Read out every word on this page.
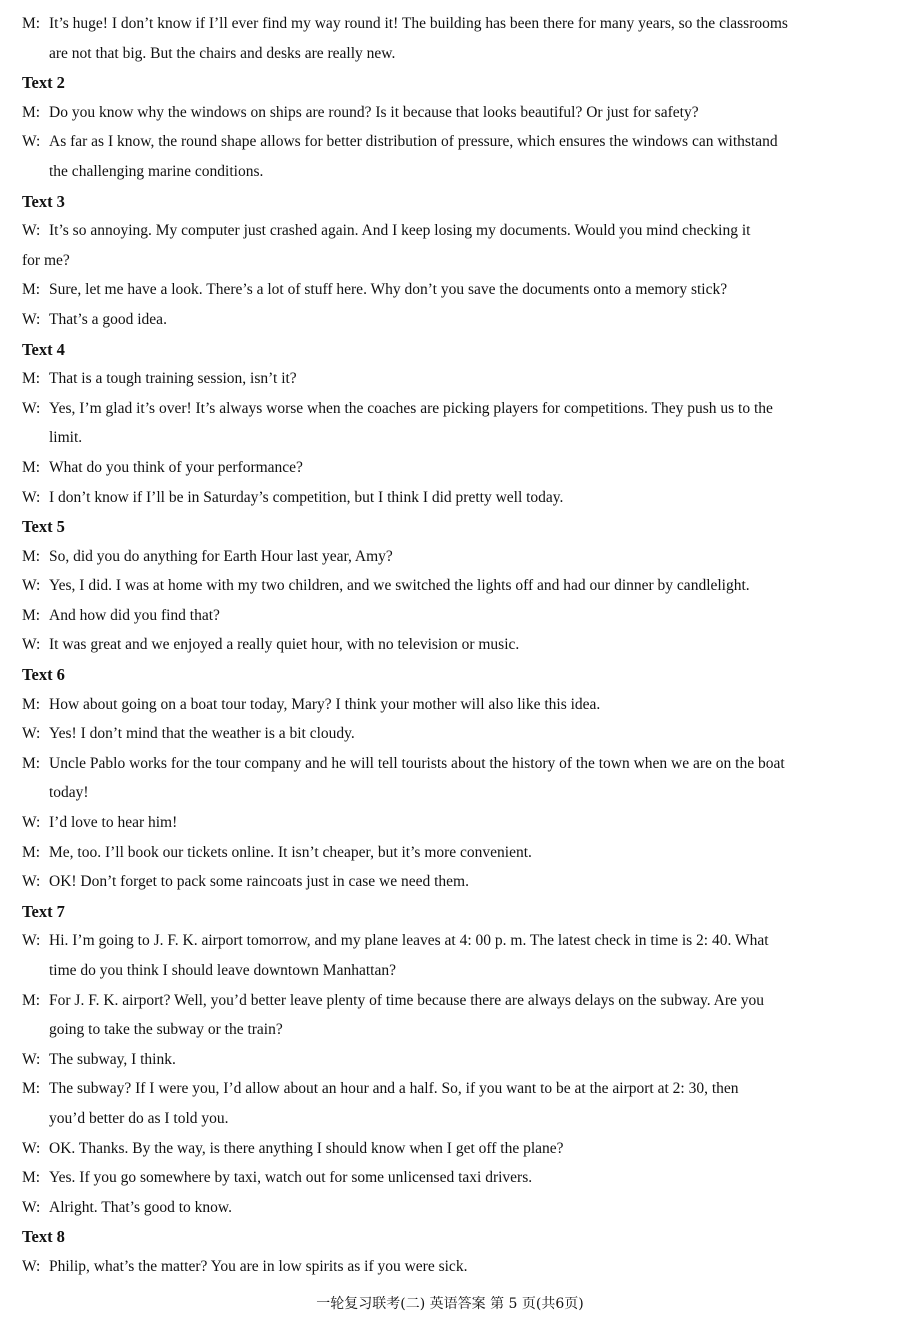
M: It’s huge! I don’t know if I’ll ever find my way round it! The building has been there for many years, so the classrooms
are not that big. But the chairs and desks are really new.
Text 2
M: Do you know why the windows on ships are round? Is it because that looks beautiful? Or just for safety?
W: As far as I know, the round shape allows for better distribution of pressure, which ensures the windows can withstand
the challenging marine conditions.
Text 3
W: It’s so annoying. My computer just crashed again. And I keep losing my documents. Would you mind checking it
for me?
M: Sure, let me have a look. There’s a lot of stuff here. Why don’t you save the documents onto a memory stick?
W: That’s a good idea.
Text 4
M: That is a tough training session, isn’t it?
W: Yes, I’m glad it’s over! It’s always worse when the coaches are picking players for competitions. They push us to the
limit.
M: What do you think of your performance?
W: I don’t know if I’ll be in Saturday’s competition, but I think I did pretty well today.
Text 5
M: So, did you do anything for Earth Hour last year, Amy?
W: Yes, I did. I was at home with my two children, and we switched the lights off and had our dinner by candlelight.
M: And how did you find that?
W: It was great and we enjoyed a really quiet hour, with no television or music.
Text 6
M: How about going on a boat tour today, Mary? I think your mother will also like this idea.
W: Yes! I don’t mind that the weather is a bit cloudy.
M: Uncle Pablo works for the tour company and he will tell tourists about the history of the town when we are on the boat
today!
W: I’d love to hear him!
M: Me, too. I’ll book our tickets online. It isn’t cheaper, but it’s more convenient.
W: OK! Don’t forget to pack some raincoats just in case we need them.
Text 7
W: Hi. I’m going to J. F. K. airport tomorrow, and my plane leaves at 4: 00 p. m. The latest check in time is 2: 40. What
time do you think I should leave downtown Manhattan?
M: For J. F. K. airport? Well, you’d better leave plenty of time because there are always delays on the subway. Are you
going to take the subway or the train?
W: The subway, I think.
M: The subway? If I were you, I’d allow about an hour and a half. So, if you want to be at the airport at 2: 30, then
you’d better do as I told you.
W: OK. Thanks. By the way, is there anything I should know when I get off the plane?
M: Yes. If you go somewhere by taxi, watch out for some unlicensed taxi drivers.
W: Alright. That’s good to know.
Text 8
W: Philip, what’s the matter? You are in low spirits as if you were sick.
一轮复习联考(二) 英语答案 第 5 页(共6页)
